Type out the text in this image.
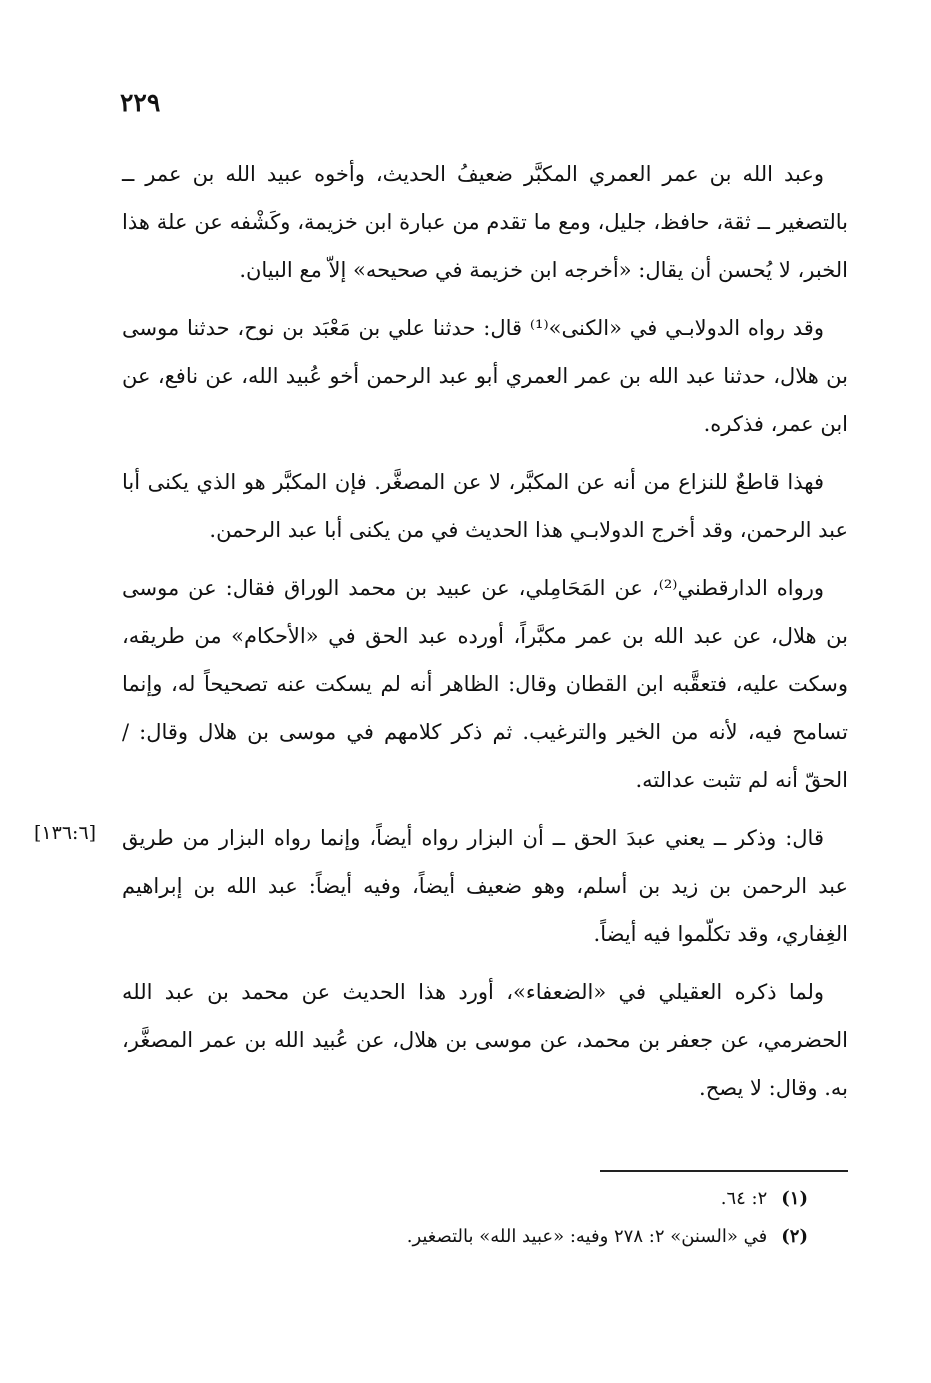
٢٢٩

وعبد الله بن عمر العمري المكبَّر ضعيفُ الحديث، وأخوه عبيد الله بن عمر ــ بالتصغير ــ ثقة، حافظ، جليل، ومع ما تقدم من عبارة ابن خزيمة، وكَشْفه عن علة هذا الخبر، لا يُحسن أن يقال: «أخرجه ابن خزيمة في صحيحه» إلاّ مع البيان.

وقد رواه الدولابـي في «الكنى»⁽¹⁾ قال: حدثنا علي بن مَعْبَد بن نوح، حدثنا موسى بن هلال، حدثنا عبد الله بن عمر العمري أبو عبد الرحمن أخو عُبيد الله، عن نافع، عن ابن عمر، فذكره.

فهذا قاطعٌ للنزاع من أنه عن المكبَّر، لا عن المصغَّر. فإن المكبَّر هو الذي يكنى أبا عبد الرحمن، وقد أخرج الدولابـي هذا الحديث في من يكنى أبا عبد الرحمن.

ورواه الدارقطني⁽²⁾، عن المَحَامِلي، عن عبيد بن محمد الوراق فقال: عن موسى بن هلال، عن عبد الله بن عمر مكبَّراً، أورده عبد الحق في «الأحكام» من طريقه، وسكت عليه، فتعقَّبه ابن القطان وقال: الظاهر أنه لم يسكت عنه تصحيحاً له، وإنما تسامح فيه، لأنه من الخير والترغيب. ثم ذكر كلامهم في موسى بن هلال وقال: / الحقّ أنه لم تثبت عدالته.

قال: وذكر ــ يعني عبدَ الحق ــ أن البزار رواه أيضاً، وإنما رواه البزار من طريق عبد الرحمن بن زيد بن أسلم، وهو ضعيف أيضاً، وفيه أيضاً: عبد الله بن إبراهيم الغِفاري، وقد تكلّموا فيه أيضاً.

ولما ذكره العقيلي في «الضعفاء»، أورد هذا الحديث عن محمد بن عبد الله الحضرمي، عن جعفر بن محمد، عن موسى بن هلال، عن عُبيد الله بن عمر المصغَّر، به. وقال: لا يصح.

[١٣٦:٦]
(١)٢: ٦٤.
(٢)في «السنن» ٢: ٢٧٨ وفيه: «عبيد الله» بالتصغير.
